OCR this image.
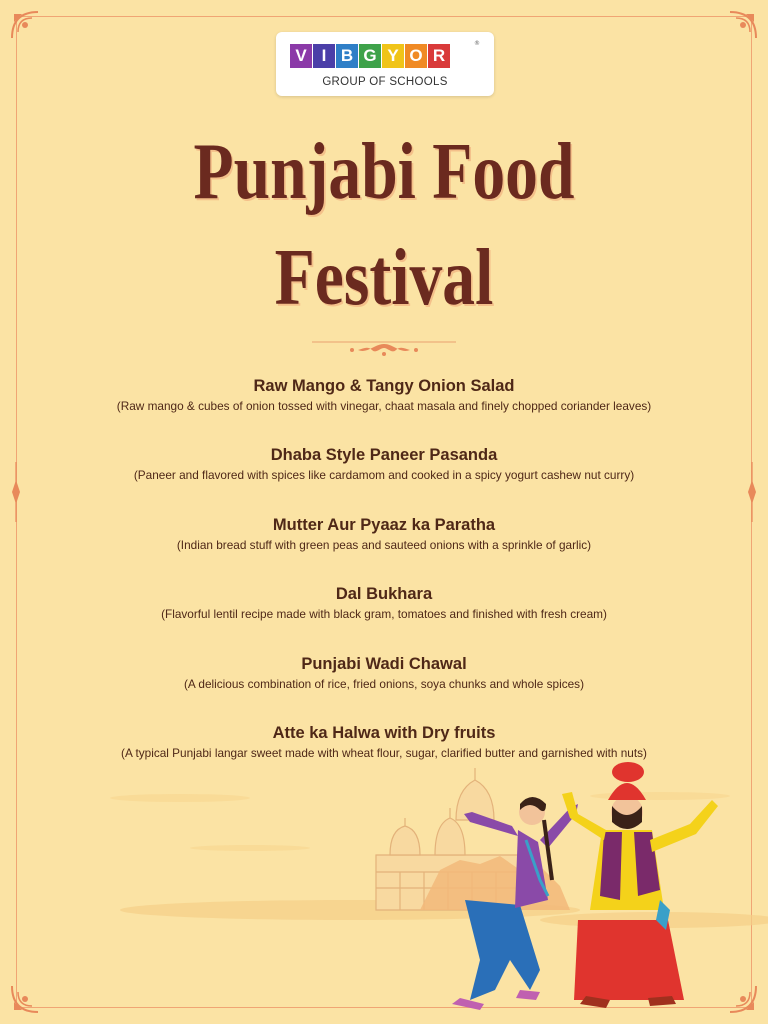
V I B G Y O R
®
GROUP OF SCHOOLS
Punjabi Food
Festival
Raw Mango & Tangy Onion Salad
(Raw mango & cubes of onion tossed with vinegar, chaat masala and finely chopped coriander leaves)
Dhaba Style Paneer Pasanda
(Paneer and flavored with spices like cardamom and cooked in a spicy yogurt cashew nut curry)
Mutter Aur Pyaaz ka Paratha
(Indian bread stuff with green peas and sauteed onions with a sprinkle of garlic)
Dal Bukhara
(Flavorful lentil recipe made with black gram, tomatoes and finished with fresh cream)
Punjabi Wadi Chawal
(A delicious combination of rice, fried onions, soya chunks and whole spices)
Atte ka Halwa with Dry fruits
(A typical Punjabi langar sweet made with wheat flour, sugar, clarified butter and garnished with nuts)
